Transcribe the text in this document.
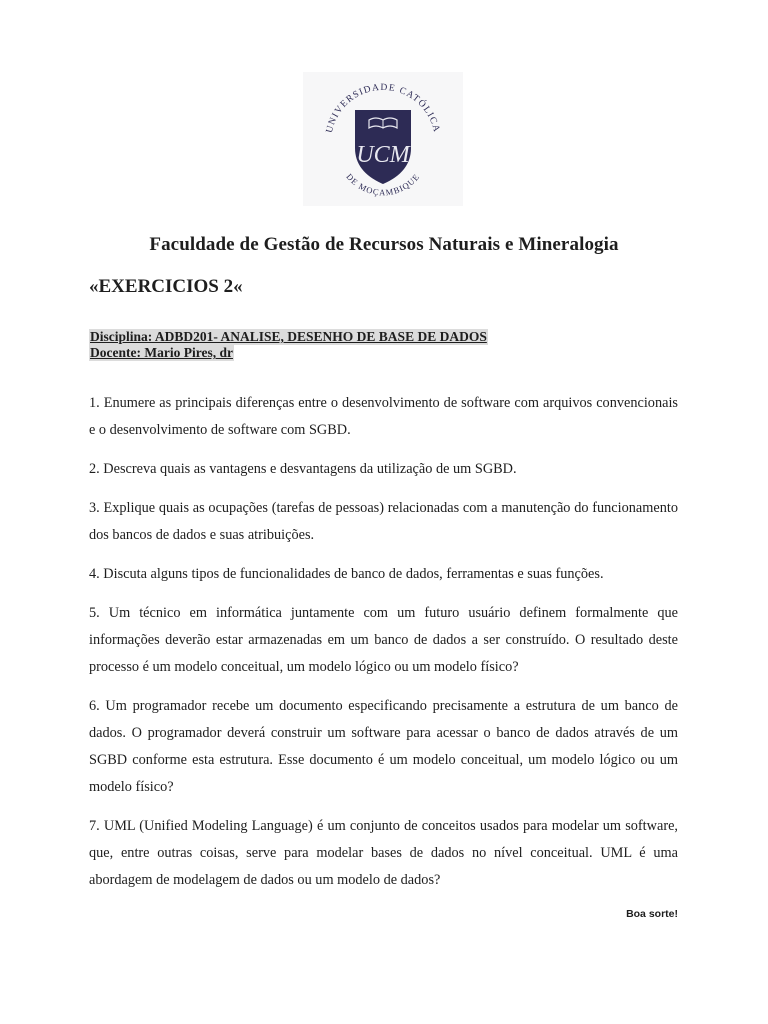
UNIVERSIDADE CATÓLICA
DE MOÇAMBIQUE
UCM
Faculdade de Gestão de Recursos Naturais e Mineralogia
«EXERCICIOS 2«
Disciplina: ADBD201- ANALISE, DESENHO DE BASE DE DADOS
Docente: Mario Pires, dr

1. Enumere as principais diferenças entre o desenvolvimento de software com arquivos convencionais e o desenvolvimento de software com SGBD.

2. Descreva quais as vantagens e desvantagens da utilização de um SGBD.

3. Explique quais as ocupações (tarefas de pessoas) relacionadas com a manutenção do funcionamento dos bancos de dados e suas atribuições.

4. Discuta alguns tipos de funcionalidades de banco de dados, ferramentas e suas funções.

5. Um técnico em informática juntamente com um futuro usuário definem formalmente que informações deverão estar armazenadas em um banco de dados a ser construído. O resultado deste processo é um modelo conceitual, um modelo lógico ou um modelo físico?

6. Um programador recebe um documento especificando precisamente a estrutura de um banco de dados. O programador deverá construir um software para acessar o banco de dados através de um SGBD conforme esta estrutura. Esse documento é um modelo conceitual, um modelo lógico ou um modelo físico?

7. UML (Unified Modeling Language) é um conjunto de conceitos usados para modelar um software, que, entre outras coisas, serve para modelar bases de dados no nível conceitual. UML é uma abordagem de modelagem de dados ou um modelo de dados?

Boa sorte!
